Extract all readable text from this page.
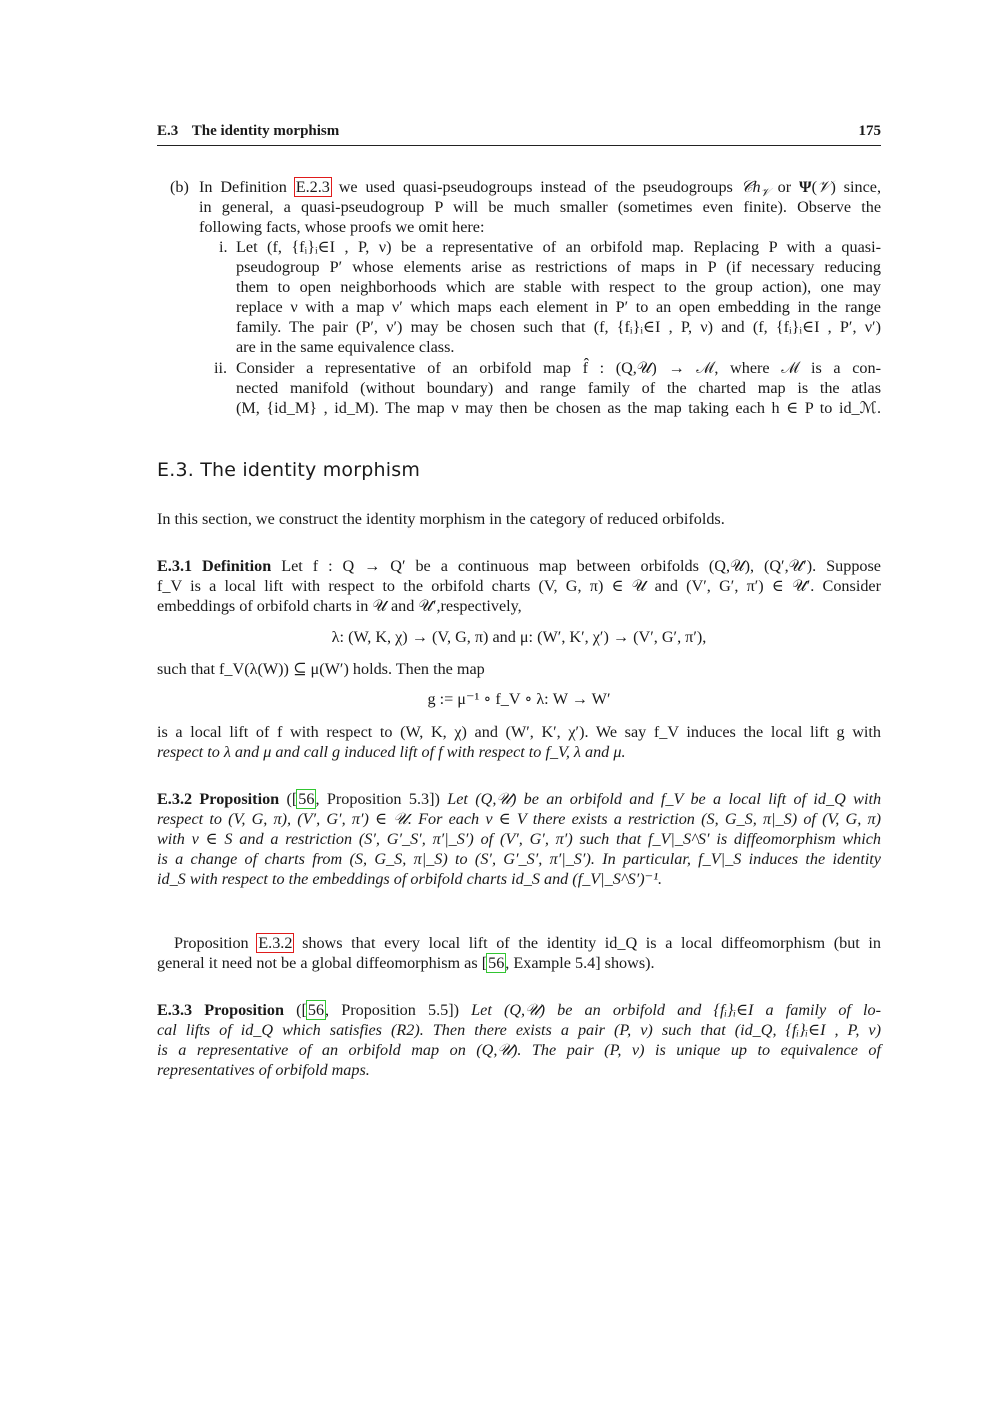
E.3 The identity morphism	175
(b) In Definition E.2.3 we used quasi-pseudogroups instead of the pseudogroups 𝒞h$_𝒱$ or Ψ(𝒱) since,
in general, a quasi-pseudogroup P will be much smaller (sometimes even finite). Observe the
following facts, whose proofs we omit here:
i. Let (f, {fᵢ}ᵢ∈I , P, ν) be a representative of an orbifold map. Replacing P with a quasi-
pseudogroup P′ whose elements arise as restrictions of maps in P (if necessary reducing
them to open neighborhoods which are stable with respect to the group action), one may
replace ν with a map ν′ which maps each element in P′ to an open embedding in the range
family. The pair (P′, ν′) may be chosen such that (f, {fᵢ}ᵢ∈I , P, ν) and (f, {fᵢ}ᵢ∈I , P′, ν′)
are in the same equivalence class.
ii. Consider a representative of an orbifold map f̂ : (Q,𝒰) → ℳ, where ℳ is a con-
nected manifold (without boundary) and range family of the charted map is the atlas
(M, {id_M} , id_M). The map ν may then be chosen as the map taking each h ∈ P to id_ℳ.
E.3. The identity morphism
In this section, we construct the identity morphism in the category of reduced orbifolds.
E.3.1 Definition Let f : Q → Q′ be a continuous map between orbifolds (Q,𝒰), (Q′,𝒰′). Suppose
f_V is a local lift with respect to the orbifold charts (V, G, π) ∈ 𝒰 and (V′, G′, π′) ∈ 𝒰′. Consider
embeddings of orbifold charts in 𝒰 and 𝒰′,respectively,
λ: (W, K, χ) → (V, G, π) and μ: (W′, K′, χ′) → (V′, G′, π′),
such that f_V(λ(W)) ⊆ μ(W′) holds. Then the map
g := μ⁻¹ ∘ f_V ∘ λ: W → W′
is a local lift of f with respect to (W, K, χ) and (W′, K′, χ′). We say f_V induces the local lift g with
respect to λ and μ and call g induced lift of f with respect to f_V, λ and μ.
E.3.2 Proposition ([56, Proposition 5.3]) Let (Q,𝒰) be an orbifold and f_V be a local lift of id_Q with
respect to (V, G, π), (V′, G′, π′) ∈ 𝒰. For each v ∈ V there exists a restriction (S, G_S, π|_S) of (V, G, π)
with v ∈ S and a restriction (S′, G′_S′, π′|_S′) of (V′, G′, π′) such that f_V|_S^S′ is diffeomorphism which
is a change of charts from (S, G_S, π|_S) to (S′, G′_S′, π′|_S′). In particular, f_V|_S induces the identity
id_S with respect to the embeddings of orbifold charts id_S and (f_V|_S^S′)⁻¹.
Proposition E.3.2 shows that every local lift of the identity id_Q is a local diffeomorphism (but in
general it need not be a global diffeomorphism as [56, Example 5.4] shows).
E.3.3 Proposition ([56, Proposition 5.5]) Let (Q,𝒰) be an orbifold and {fᵢ}ᵢ∈I a family of lo-
cal lifts of id_Q which satisfies (R2). Then there exists a pair (P, ν) such that (id_Q, {fᵢ}ᵢ∈I , P, ν)
is a representative of an orbifold map on (Q,𝒰). The pair (P, ν) is unique up to equivalence of
representatives of orbifold maps.
